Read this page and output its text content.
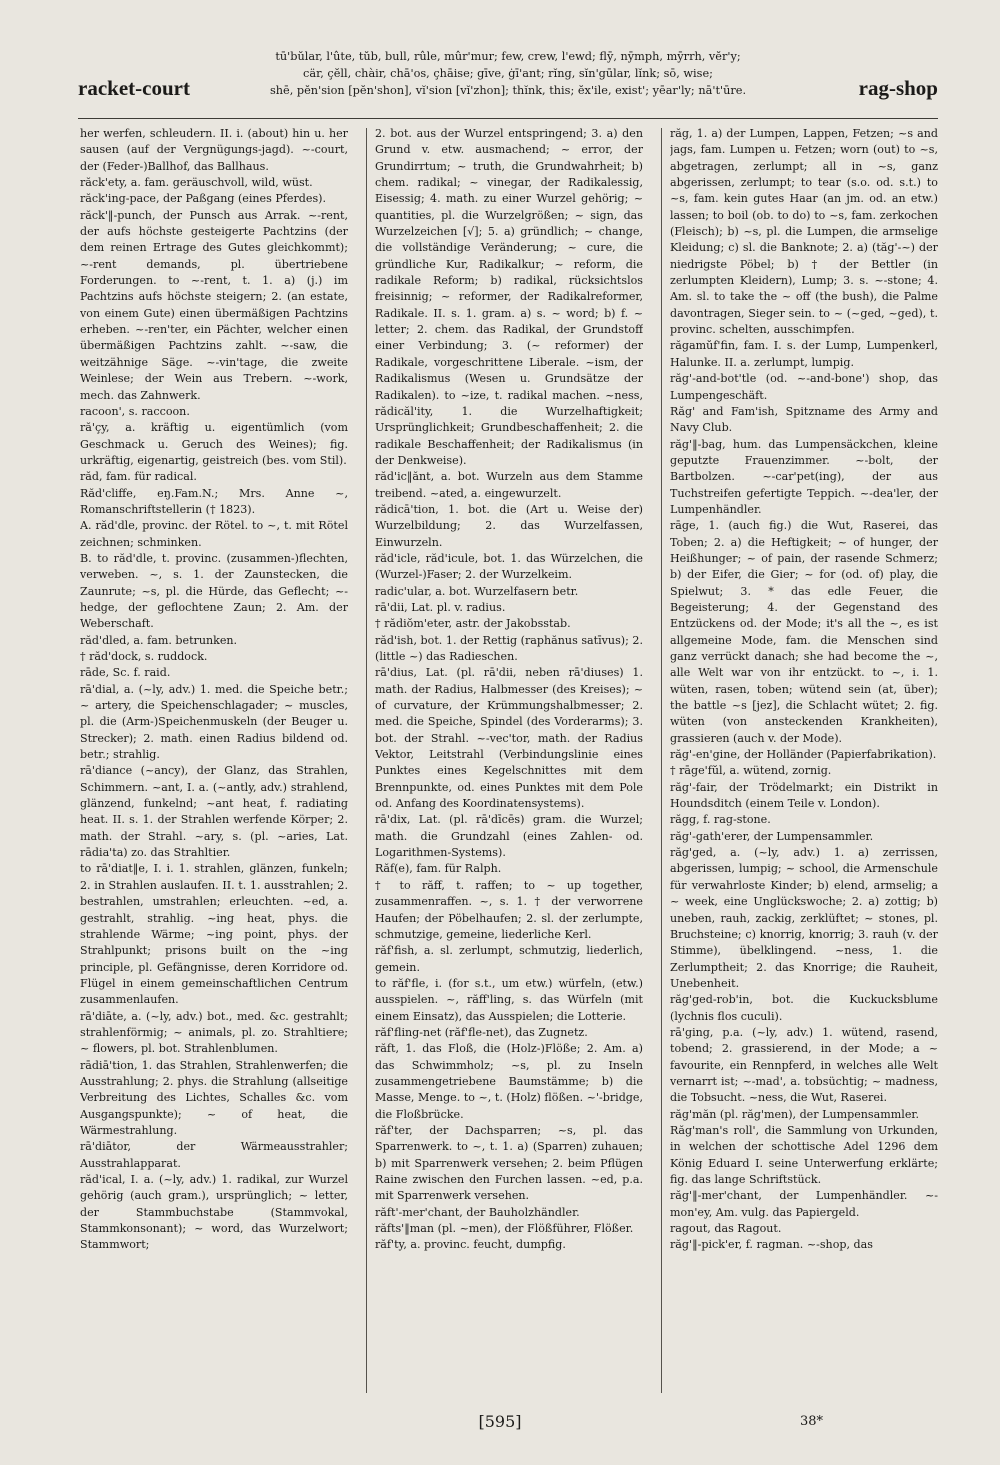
racket-court
tū'bŭlar, l'ûte, tŭb, bull, rûle, mûr'mur; few, crew, l'ewd; flȳ, nȳmph, mȳrrh, vĕr'y;
cär, çĕll, chàir, chā'os, çhāise; gīve, ġī'ant; rĭng, sĭn'gūlar, lĭnk; sō, wise;
shē, pĕn'sion [pĕn'shon], vĭ'sion [vĭ'zhon]; thĭnk, this; ĕx'ile, exist'; yēar'ly; nā't'ūre.	rag-shop

her werfen, schleudern. II. i. (about) hin u. her sausen (auf der Vergnügungs-jagd). ~-court, der (Feder-)Ballhof, das Ballhaus.

răck'ety, a. fam. geräuschvoll, wild, wüst.

răck'ing-pace, der Paßgang (eines Pferdes).

răck'‖-punch, der Punsch aus Arrak. ~-rent, der aufs höchste gesteigerte Pachtzins (der dem reinen Ertrage des Gutes gleichkommt); ~-rent demands, pl. übertriebene Forderungen. to ~-rent, t. 1. a) (j.) im Pachtzins aufs höchste steigern; 2. (an estate, von einem Gute) einen übermäßigen Pachtzins erheben. ~-ren'ter, ein Pächter, welcher einen übermäßigen Pachtzins zahlt. ~-saw, die weitzähnige Säge. ~-vin'tage, die zweite Weinlese; der Wein aus Trebern. ~-work, mech. das Zahnwerk.

racoon', s. raccoon.

ră'çy, a. kräftig u. eigentümlich (vom Geschmack u. Geruch des Weines); fig. urkräftig, eigenartig, geistreich (bes. vom Stil).

răd, fam. für radical.

Răd'cliffe, eŋ.Fam.N.; Mrs. Anne ~, Romanschriftstellerin († 1823).

A. răd'dle, provinc. der Rötel. to ~, t. mit Rötel zeichnen; schminken.

B. to răd'dle, t. provinc. (zusammen-)flechten, verweben. ~, s. 1. der Zaunstecken, die Zaunrute; ~s, pl. die Hürde, das Geflecht; ~-hedge, der geflochtene Zaun; 2. Am. der Weberschaft.

răd'dled, a. fam. betrunken.

† răd'dock, s. ruddock.

rāde, Sc. f. raid.

rā'dial, a. (~ly, adv.) 1. med. die Speiche betr.; ~ artery, die Speichenschlagader; ~ muscles, pl. die (Arm-)Speichenmuskeln (der Beuger u. Strecker); 2. math. einen Radius bildend od. betr.; strahlig.

rā'diance (~ancy), der Glanz, das Strahlen, Schimmern. ~ant, I. a. (~antly, adv.) strahlend, glänzend, funkelnd; ~ant heat, f. radiating heat. II. s. 1. der Strahlen werfende Körper; 2. math. der Strahl. ~ary, s. (pl. ~aries, Lat. rādia'ta) zo. das Strahltier.

to rā'diat‖e, I. i. 1. strahlen, glänzen, funkeln; 2. in Strahlen auslaufen. II. t. 1. ausstrahlen; 2. bestrahlen, umstrahlen; erleuchten. ~ed, a. gestrahlt, strahlig. ~ing heat, phys. die strahlende Wärme; ~ing point, phys. der Strahlpunkt; prisons built on the ~ing principle, pl. Gefängnisse, deren Korridore od. Flügel in einem gemeinschaftlichen Centrum zusammenlaufen.

rā'diāte, a. (~ly, adv.) bot., med. &c. gestrahlt; strahlenförmig; ~ animals, pl. zo. Strahltiere; ~ flowers, pl. bot. Strahlenblumen.

rādiā'tion, 1. das Strahlen, Strahlenwerfen; die Ausstrahlung; 2. phys. die Strahlung (allseitige Verbreitung des Lichtes, Schalles &c. vom Ausgangspunkte); ~ of heat, die Wärmestrahlung.

rā'diātor, der Wärmeausstrahler; Ausstrahlapparat.

răd'ical, I. a. (~ly, adv.) 1. radikal, zur Wurzel gehörig (auch gram.), ursprünglich; ~ letter, der Stammbuchstabe (Stammvokal, Stammkonsonant); ~ word, das Wurzelwort; Stammwort;

2. bot. aus der Wurzel entspringend; 3. a) den Grund v. etw. ausmachend; ~ error, der Grundirrtum; ~ truth, die Grundwahrheit; b) chem. radikal; ~ vinegar, der Radikalessig, Eisessig; 4. math. zu einer Wurzel gehörig; ~ quantities, pl. die Wurzelgrößen; ~ sign, das Wurzelzeichen [√]; 5. a) gründlich; ~ change, die vollständige Veränderung; ~ cure, die gründliche Kur, Radikalkur; ~ reform, die radikale Reform; b) radikal, rücksichtslos freisinnig; ~ reformer, der Radikalreformer, Radikale. II. s. 1. gram. a) s. ~ word; b) f. ~ letter; 2. chem. das Radikal, der Grundstoff einer Verbindung; 3. (~ reformer) der Radikale, vorgeschrittene Liberale. ~ism, der Radikalismus (Wesen u. Grundsätze der Radikalen). to ~ize, t. radikal machen. ~ness, rădicăl'ity, 1. die Wurzelhaftigkeit; Ursprünglichkeit; Grundbeschaffenheit; 2. die radikale Beschaffenheit; der Radikalismus (in der Denkweise).

răd'ic‖ănt, a. bot. Wurzeln aus dem Stamme treibend. ~ated, a. eingewurzelt.

rădicā'tion, 1. bot. die (Art u. Weise der) Wurzelbildung; 2. das Wurzelfassen, Einwurzeln.

răd'icle, răd'icule, bot. 1. das Würzelchen, die (Wurzel-)Faser; 2. der Wurzelkeim.

radic'ular, a. bot. Wurzelfasern betr.

rā'dii, Lat. pl. v. radius.

† rădiŏm'eter, astr. der Jakobsstab.

răd'ish, bot. 1. der Rettig (raphănus satīvus); 2. (little ~) das Radieschen.

rā'dius, Lat. (pl. rā'dii, neben rā'diuses) 1. math. der Radius, Halbmesser (des Kreises); ~ of curvature, der Krümmungshalbmesser; 2. med. die Speiche, Spindel (des Vorderarms); 3. bot. der Strahl. ~-vec'tor, math. der Radius Vektor, Leitstrahl (Verbindungslinie eines Punktes eines Kegelschnittes mit dem Brennpunkte, od. eines Punktes mit dem Pole od. Anfang des Koordinatensystems).

rā'dix, Lat. (pl. rā'dīcēs) gram. die Wurzel; math. die Grundzahl (eines Zahlen- od. Logarithmen-Systems).

Răf(e), fam. für Ralph.

† to răff, t. raffen; to ~ up together, zusammenraffen. ~, s. 1. † der verworrene Haufen; der Pöbelhaufen; 2. sl. der zerlumpte, schmutzige, gemeine, liederliche Kerl.

răf'fish, a. sl. zerlumpt, schmutzig, liederlich, gemein.

to răf'fle, i. (for s.t., um etw.) würfeln, (etw.) ausspielen. ~, răff'ling, s. das Würfeln (mit einem Einsatz), das Ausspielen; die Lotterie.

răf'fling-net (răf'fle-net), das Zugnetz.

răft, 1. das Floß, die (Holz-)Flöße; 2. Am. a) das Schwimmholz; ~s, pl. zu Inseln zusammengetriebene Baumstämme; b) die Masse, Menge. to ~, t. (Holz) flößen. ~'-bridge, die Floßbrücke.

răf'ter, der Dachsparren; ~s, pl. das Sparrenwerk. to ~, t. 1. a) (Sparren) zuhauen; b) mit Sparrenwerk versehen; 2. beim Pflügen Raine zwischen den Furchen lassen. ~ed, p.a. mit Sparrenwerk versehen.

răft'-mer'chant, der Bauholzhändler.

răfts'‖man (pl. ~men), der Flößführer, Flößer.

răf'ty, a. provinc. feucht, dumpfig.

răg, 1. a) der Lumpen, Lappen, Fetzen; ~s and jags, fam. Lumpen u. Fetzen; worn (out) to ~s, abgetragen, zerlumpt; all in ~s, ganz abgerissen, zerlumpt; to tear (s.o. od. s.t.) to ~s, fam. kein gutes Haar (an jm. od. an etw.) lassen; to boil (ob. to do) to ~s, fam. zerkochen (Fleisch); b) ~s, pl. die Lumpen, die armselige Kleidung; c) sl. die Banknote; 2. a) (tăg'-~) der niedrigste Pöbel; b) † der Bettler (in zerlumpten Kleidern), Lump; 3. s. ~-stone; 4. Am. sl. to take the ~ off (the bush), die Palme davontragen, Sieger sein. to ~ (~ged, ~ged), t. provinc. schelten, ausschimpfen.

răgamŭf'fin, fam. I. s. der Lump, Lumpenkerl, Halunke. II. a. zerlumpt, lumpig.

răg'-and-bot'tle (od. ~-and-bone') shop, das Lumpengeschäft.

Răg' and Fam'ish, Spitzname des Army and Navy Club.

răg'‖-bag, hum. das Lumpensäckchen, kleine geputzte Frauenzimmer. ~-bolt, der Bartbolzen. ~-car'pet(ing), der aus Tuchstreifen gefertigte Teppich. ~-dea'ler, der Lumpenhändler.

rāge, 1. (auch fig.) die Wut, Raserei, das Toben; 2. a) die Heftigkeit; ~ of hunger, der Heißhunger; ~ of pain, der rasende Schmerz; b) der Eifer, die Gier; ~ for (od. of) play, die Spielwut; 3. * das edle Feuer, die Begeisterung; 4. der Gegenstand des Entzückens od. der Mode; it's all the ~, es ist allgemeine Mode, fam. die Menschen sind ganz verrückt danach; she had become the ~, alle Welt war von ihr entzückt. to ~, i. 1. wüten, rasen, toben; wütend sein (at, über); the battle ~s [jez], die Schlacht wütet; 2. fig. wüten (von ansteckenden Krankheiten), grassieren (auch v. der Mode).

răg'-en'gine, der Holländer (Papierfabrikation).

† rāge'fŭl, a. wütend, zornig.

răg'-fair, der Trödelmarkt; ein Distrikt in Houndsditch (einem Teile v. London).

răgg, f. rag-stone.

răg'-gath'erer, der Lumpensammler.

răg'ged, a. (~ly, adv.) 1. a) zerrissen, abgerissen, lumpig; ~ school, die Armenschule für verwahrloste Kinder; b) elend, armselig; a ~ week, eine Unglückswoche; 2. a) zottig; b) uneben, rauh, zackig, zerklüftet; ~ stones, pl. Bruchsteine; c) knorrig, knorrig; 3. rauh (v. der Stimme), übelklingend. ~ness, 1. die Zerlumptheit; 2. das Knorrige; die Rauheit, Unebenheit.

răg'ged-rob'in, bot. die Kuckucksblume (lychnis flos cuculi).

rā'ging, p.a. (~ly, adv.) 1. wütend, rasend, tobend; 2. grassierend, in der Mode; a ~ favourite, ein Rennpferd, in welches alle Welt vernarrt ist; ~-mad', a. tobsüchtig; ~ madness, die Tobsucht. ~ness, die Wut, Raserei.

răg'măn (pl. răg'men), der Lumpensammler.

Răg'man's roll', die Sammlung von Urkunden, in welchen der schottische Adel 1296 dem König Eduard I. seine Unterwerfung erklärte; fig. das lange Schriftstück.

răg'‖-mer'chant, der Lumpenhändler. ~-mon'ey, Am. vulg. das Papiergeld.

ragout, das Ragout.

răg'‖-pick'er, f. ragman. ~-shop, das

[595]	38*
